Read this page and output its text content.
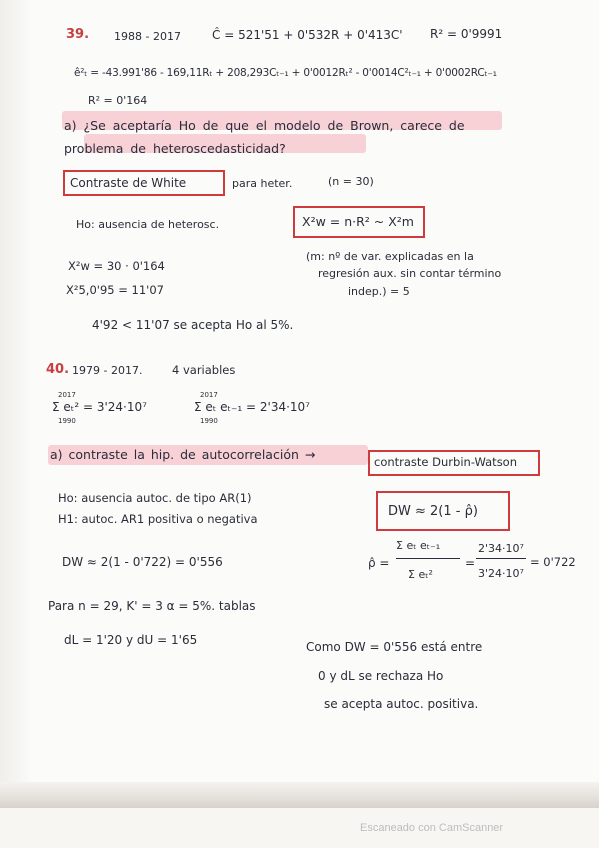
39. 1988 - 2017	Ĉ = 521'51 + 0'532R + 0'413C' R² = 0'9991
ê²ₜ = -43.991'86 - 169,11Rₜ + 208,293Cₜ₋₁ + 0'0012Rₜ² - 0'0014C²ₜ₋₁ + 0'0002RCₜ₋₁
R² = 0'164
a) ¿Se aceptaría Ho de que el modelo de Brown, carece de problema de heteroscedasticidad?
Contraste de White	para heter.	(n = 30)
Ho: ausencia de heterosc.	X²w = n·R² ~ X²m
(m: nº de var. explicadas en la
regresión aux. sin contar término
indep.) = 5
X²w = 30 · 0'164
X²5,0'95 = 11'07
4'92 < 11'07 se acepta Ho al 5%.
40. 1979 - 2017.	4 variables
2017
Σ eₜ² = 3'24·10⁷
1990
2017
Σ eₜ eₜ₋₁ = 2'34·10⁷
1990
a) contraste la hip. de autocorrelación →	contraste Durbin-Watson
Ho: ausencia autoc. de tipo AR(1)
H1: autoc. AR1 positiva o negativa	DW ≈ 2(1 - ρ̂)
DW ≈ 2(1 - 0'722) = 0'556	ρ̂ =
Σ eₜ eₜ₋₁
Σ eₜ²
=
2'34·10⁷
3'24·10⁷
= 0'722
Para n = 29, K' = 3 α = 5%. tablas
dL = 1'20 y dU = 1'65	Como DW = 0'556 está entre
0 y dL se rechaza Ho
se acepta autoc. positiva.
Escaneado con CamScanner
